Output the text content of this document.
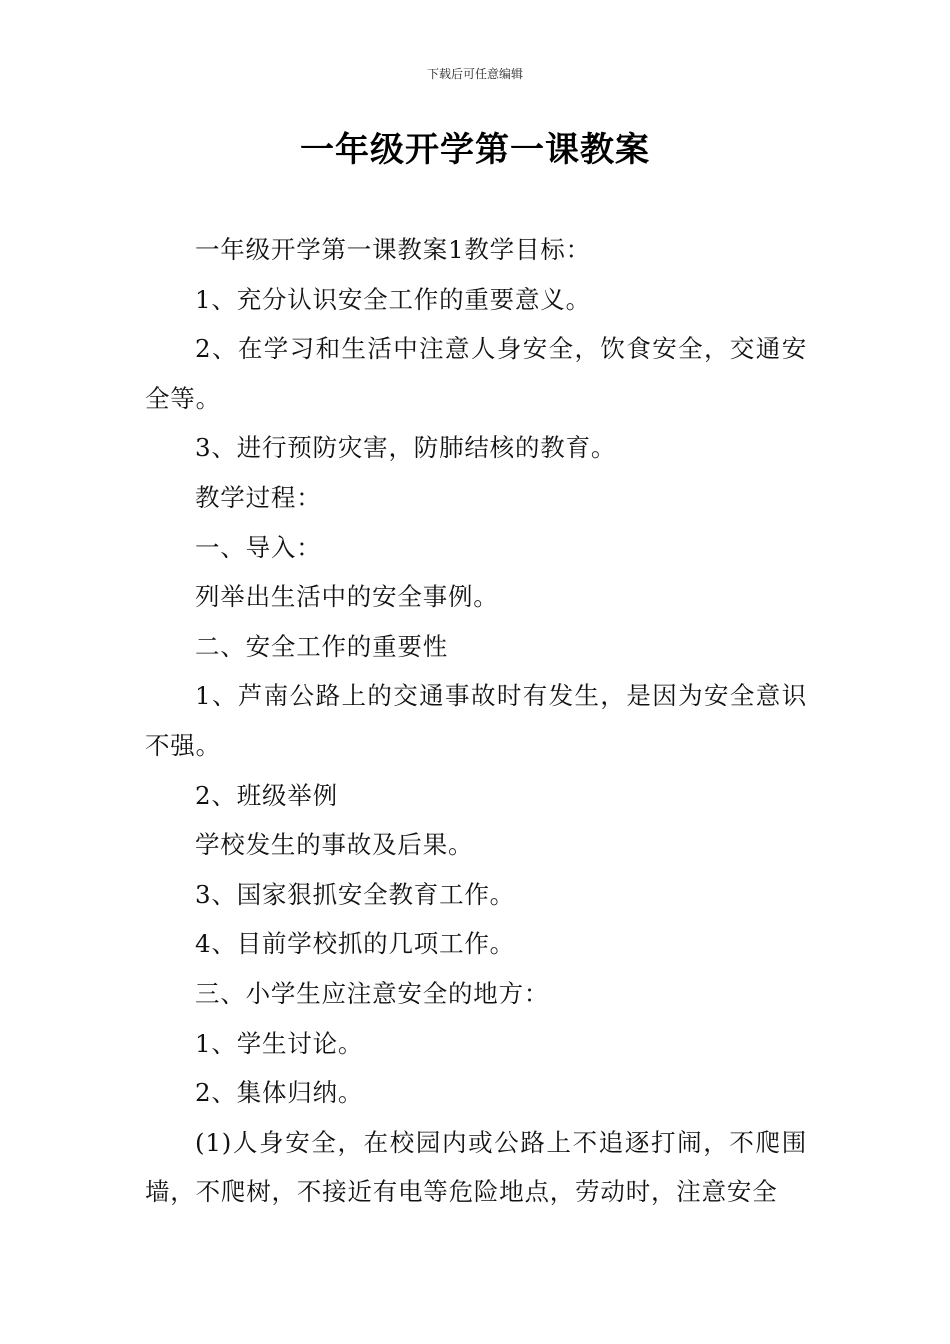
下载后可任意编辑
一年级开学第一课教案

一年级开学第一课教案1教学目标：

1、充分认识安全工作的重要意义。

2、在学习和生活中注意人身安全，饮食安全，交通安全等。

3、进行预防灾害，防肺结核的教育。

教学过程：

一、导入：

列举出生活中的安全事例。

二、安全工作的重要性

1、芦南公路上的交通事故时有发生，是因为安全意识不强。

2、班级举例

学校发生的事故及后果。

3、国家狠抓安全教育工作。

4、目前学校抓的几项工作。

三、小学生应注意安全的地方：

1、学生讨论。

2、集体归纳。

(1)人身安全，在校园内或公路上不追逐打闹，不爬围墙，不爬树，不接近有电等危险地点，劳动时，注意安全
